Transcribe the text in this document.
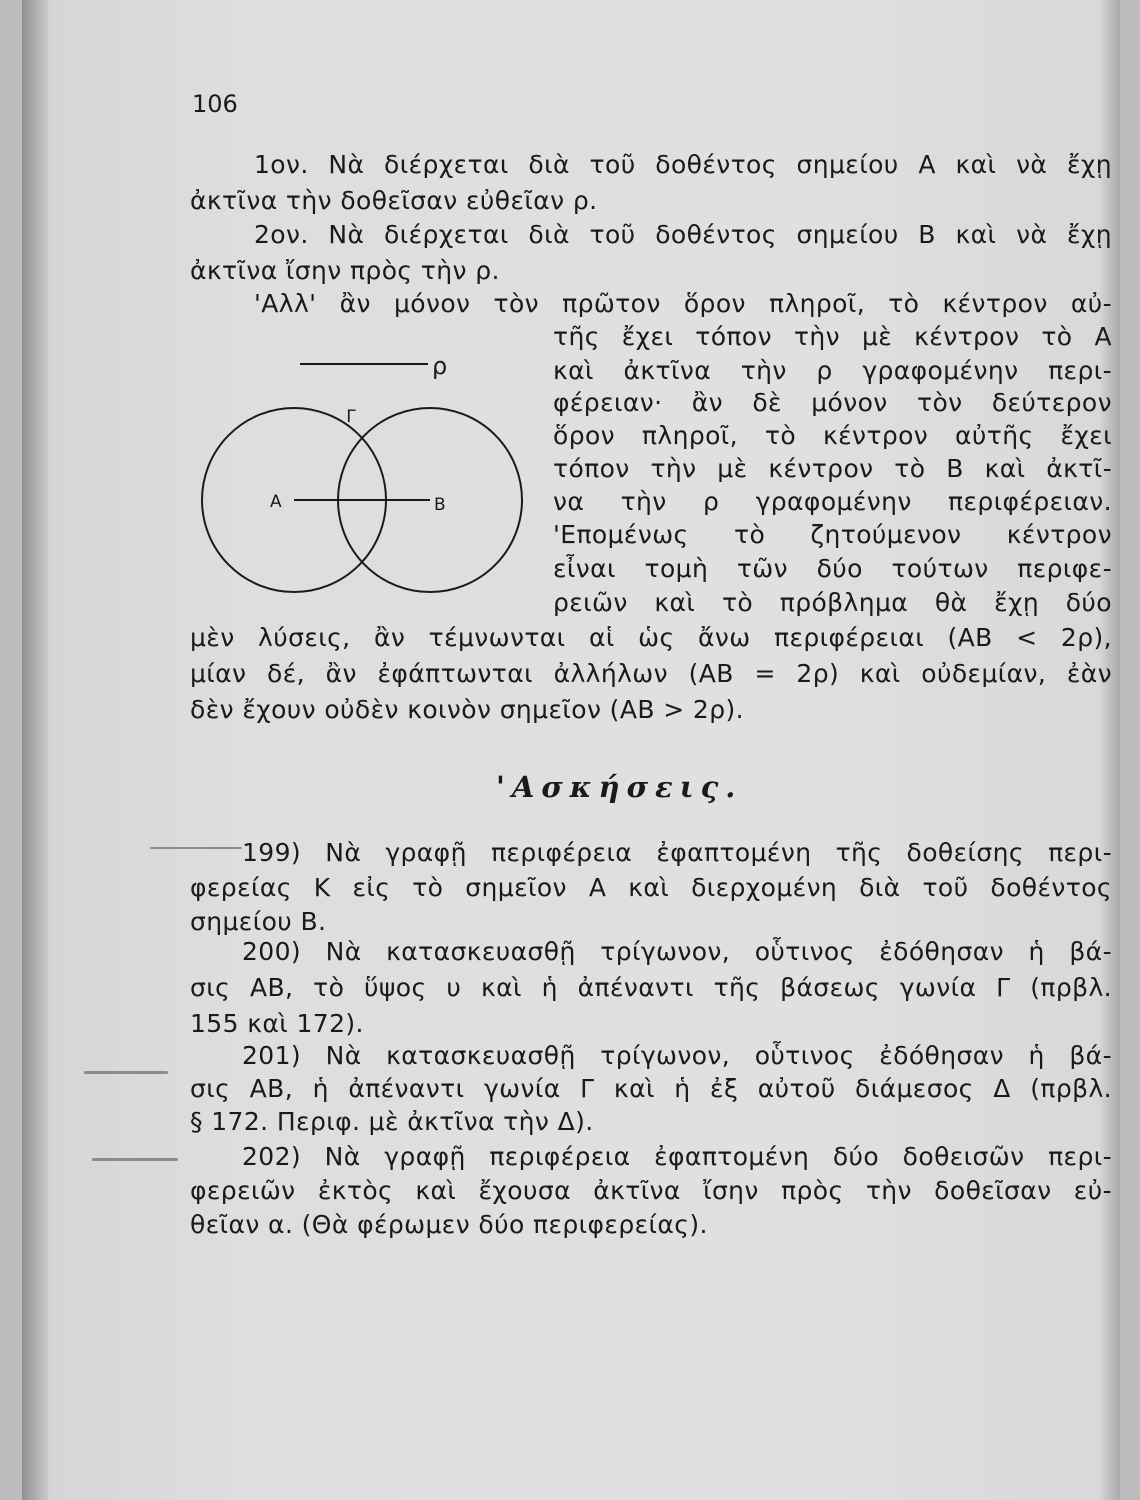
106
1ον. Νὰ διέρχεται διὰ τοῦ δοθέντος σημείου Α καὶ νὰ ἔχῃ
ἀκτῖνα τὴν δοθεῖσαν εὐθεῖαν ρ.
2ον. Νὰ διέρχεται διὰ τοῦ δοθέντος σημείου Β καὶ νὰ ἔχῃ
ἀκτῖνα ἴσην πρὸς τὴν ρ.
'Αλλ' ἂν μόνον τὸν πρῶτον ὅρον πληροῖ, τὸ κέντρον αὐ-
τῆς ἔχει τόπον τὴν μὲ κέντρον τὸ Α
καὶ ἀκτῖνα τὴν ρ γραφομένην περι-
φέρειαν· ἂν δὲ μόνον τὸν δεύτερον
ὅρον πληροῖ, τὸ κέντρον αὐτῆς ἔχει
τόπον τὴν μὲ κέντρον τὸ Β καὶ ἀκτῖ-
να τὴν ρ γραφομένην περιφέρειαν.
'Επομένως τὸ ζητούμενον κέντρον
εἶναι τομὴ τῶν δύο τούτων περιφε-
ρειῶν καὶ τὸ πρόβλημα θὰ ἔχῃ δύο
μὲν λύσεις, ἂν τέμνωνται αἱ ὡς ἄνω περιφέρειαι (ΑΒ < 2ρ),
μίαν δέ, ἂν ἐφάπτωνται ἀλλήλων (ΑΒ = 2ρ) καὶ οὐδεμίαν, ἐὰν
δὲν ἔχουν οὐδὲν κοινὸν σημεῖον (ΑΒ > 2ρ).
ρ
Γ
Α	Β
'Ασκήσεις.
199) Νὰ γραφῇ περιφέρεια ἐφαπτομένη τῆς δοθείσης περι-
φερείας Κ εἰς τὸ σημεῖον Α καὶ διερχομένη διὰ τοῦ δοθέντος
σημείου Β.
200) Νὰ κατασκευασθῇ τρίγωνον, οὗτινος ἐδόθησαν ἡ βά-
σις ΑΒ, τὸ ὕψος υ καὶ ἡ ἀπέναντι τῆς βάσεως γωνία Γ (πρβλ.
155 καὶ 172).
201) Νὰ κατασκευασθῇ τρίγωνον, οὗτινος ἐδόθησαν ἡ βά-
σις ΑΒ, ἡ ἀπέναντι γωνία Γ καὶ ἡ ἐξ αὐτοῦ διάμεσος Δ (πρβλ.
§ 172. Περιφ. μὲ ἀκτῖνα τὴν Δ).
202) Νὰ γραφῇ περιφέρεια ἐφαπτομένη δύο δοθεισῶν περι-
φερειῶν ἐκτὸς καὶ ἔχουσα ἀκτῖνα ἴσην πρὸς τὴν δοθεῖσαν εὐ-
θεῖαν α. (Θὰ φέρωμεν δύο περιφερείας).
